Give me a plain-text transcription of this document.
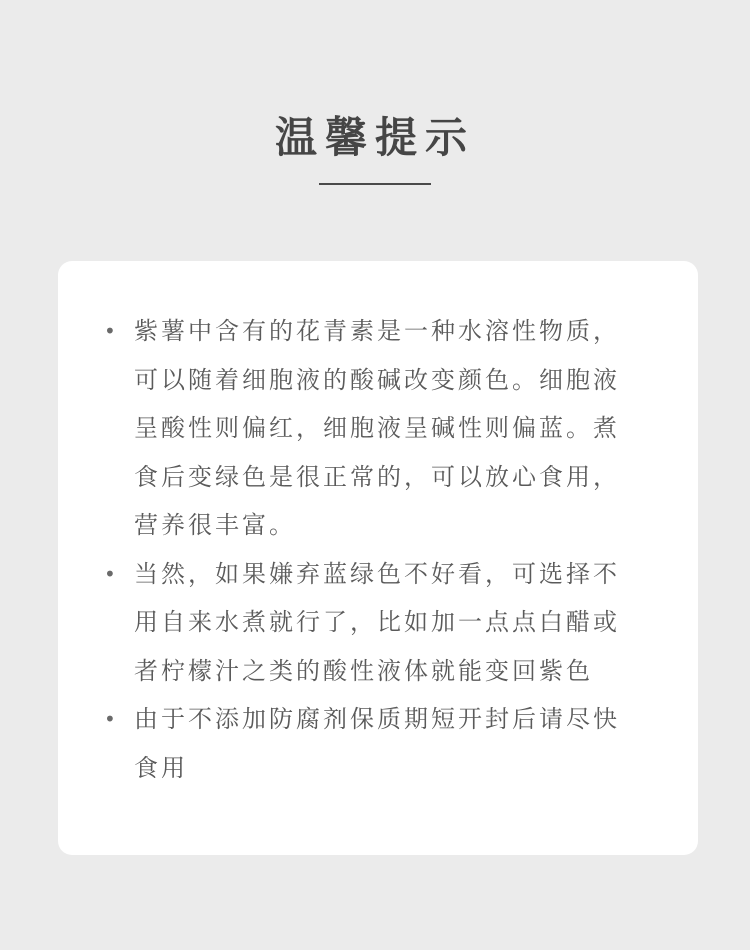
温馨提示
• 紫薯中含有的花青素是一种水溶性物质，可以随着细胞液的酸碱改变颜色。细胞液呈酸性则偏红，细胞液呈碱性则偏蓝。煮食后变绿色是很正常的，可以放心食用，营养很丰富。
• 当然，如果嫌弃蓝绿色不好看，可选择不用自来水煮就行了，比如加一点点白醋或者柠檬汁之类的酸性液体就能变回紫色
• 由于不添加防腐剂保质期短开封后请尽快食用
